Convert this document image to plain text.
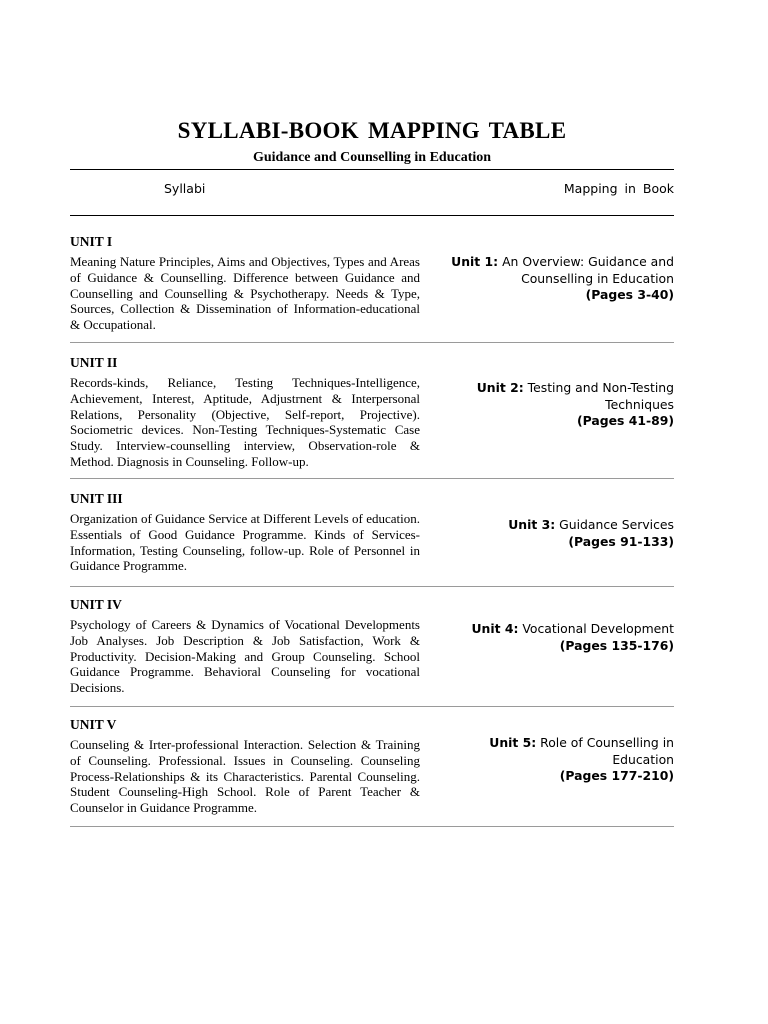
SYLLABI-BOOK MAPPING TABLE
Guidance and Counselling in Education
Syllabi	Mapping in Book
UNIT I
Meaning Nature Principles, Aims and Objectives, Types and Areas of Guidance & Counselling. Difference between Guidance and Counselling and Counselling & Psychotherapy. Needs & Type, Sources, Collection & Dissemination of Information-educational & Occupational.
Unit 1: An Overview: Guidance and Counselling in Education
(Pages 3-40)
UNIT II
Records-kinds, Reliance, Testing Techniques-Intelligence, Achievement, Interest, Aptitude, Adjustrnent & Interpersonal Relations, Personality (Objective, Self-report, Projective). Sociometric devices. Non-Testing Techniques-Systematic Case Study. Interview-counselling interview, Observation-role & Method. Diagnosis in Counseling. Follow-up.
Unit 2: Testing and Non-Testing Techniques
(Pages 41-89)
UNIT III
Organization of Guidance Service at Different Levels of education. Essentials of Good Guidance Programme. Kinds of Services-Information, Testing Counseling, follow-up. Role of Personnel in Guidance Programme.
Unit 3: Guidance Services
(Pages 91-133)
UNIT IV
Psychology of Careers & Dynamics of Vocational Developments Job Analyses. Job Description & Job Satisfaction, Work & Productivity. Decision-Making and Group Counseling. School Guidance Programme. Behavioral Counseling for vocational Decisions.
Unit 4: Vocational Development
(Pages 135-176)
UNIT V
Counseling & Irter-professional Interaction. Selection & Training of Counseling. Professional. Issues in Counseling. Counseling Process-Relationships & its Characteristics. Parental Counseling. Student Counseling-High School. Role of Parent Teacher & Counselor in Guidance Programme.
Unit 5: Role of Counselling in Education
(Pages 177-210)
